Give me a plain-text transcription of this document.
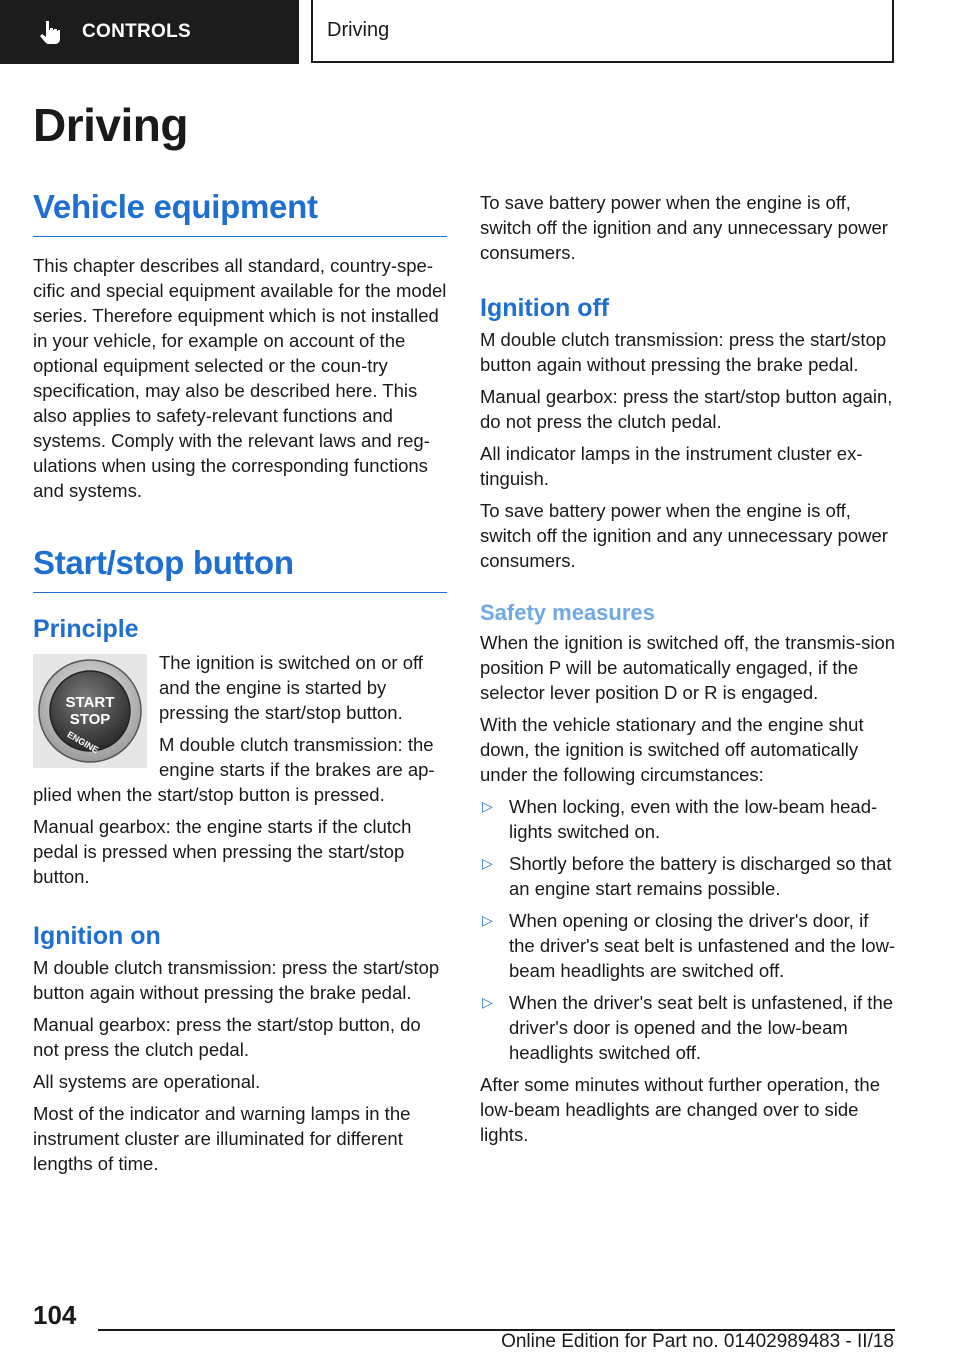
CONTROLS	Driving
Driving
Vehicle equipment

This chapter describes all standard, country-spe‐cific and special equipment available for the model series. Therefore equipment which is not installed in your vehicle, for example on account of the optional equipment selected or the coun‐try specification, may also be described here. This also applies to safety-relevant functions and systems. Comply with the relevant laws and reg‐ulations when using the corresponding functions and systems.

Start/stop button
Principle
START
STOP
ENGINE

The ignition is switched on or off and the engine is started by pressing the start/stop button.

M double clutch transmission: the engine starts if the brakes are ap‐plied when the start/stop button is pressed.

Manual gearbox: the engine starts if the clutch pedal is pressed when pressing the start/stop button.

Ignition on

M double clutch transmission: press the start/stop button again without pressing the brake pedal.

Manual gearbox: press the start/stop button, do not press the clutch pedal.

All systems are operational.

Most of the indicator and warning lamps in the instrument cluster are illuminated for different lengths of time.

To save battery power when the engine is off, switch off the ignition and any unnecessary power consumers.

Ignition off

M double clutch transmission: press the start/stop button again without pressing the brake pedal.

Manual gearbox: press the start/stop button again, do not press the clutch pedal.

All indicator lamps in the instrument cluster ex‐tinguish.

To save battery power when the engine is off, switch off the ignition and any unnecessary power consumers.

Safety measures

When the ignition is switched off, the transmis‐sion position P will be automatically engaged, if the selector lever position D or R is engaged.

With the vehicle stationary and the engine shut down, the ignition is switched off automatically under the following circumstances:

▷ When locking, even with the low-beam head‐lights switched on.
▷ Shortly before the battery is discharged so that an engine start remains possible.
▷ When opening or closing the driver's door, if the driver's seat belt is unfastened and the low-beam headlights are switched off.
▷ When the driver's seat belt is unfastened, if the driver's door is opened and the low-beam headlights switched off.

After some minutes without further operation, the low-beam headlights are changed over to side lights.

104
Online Edition for Part no. 01402989483 - II/18
